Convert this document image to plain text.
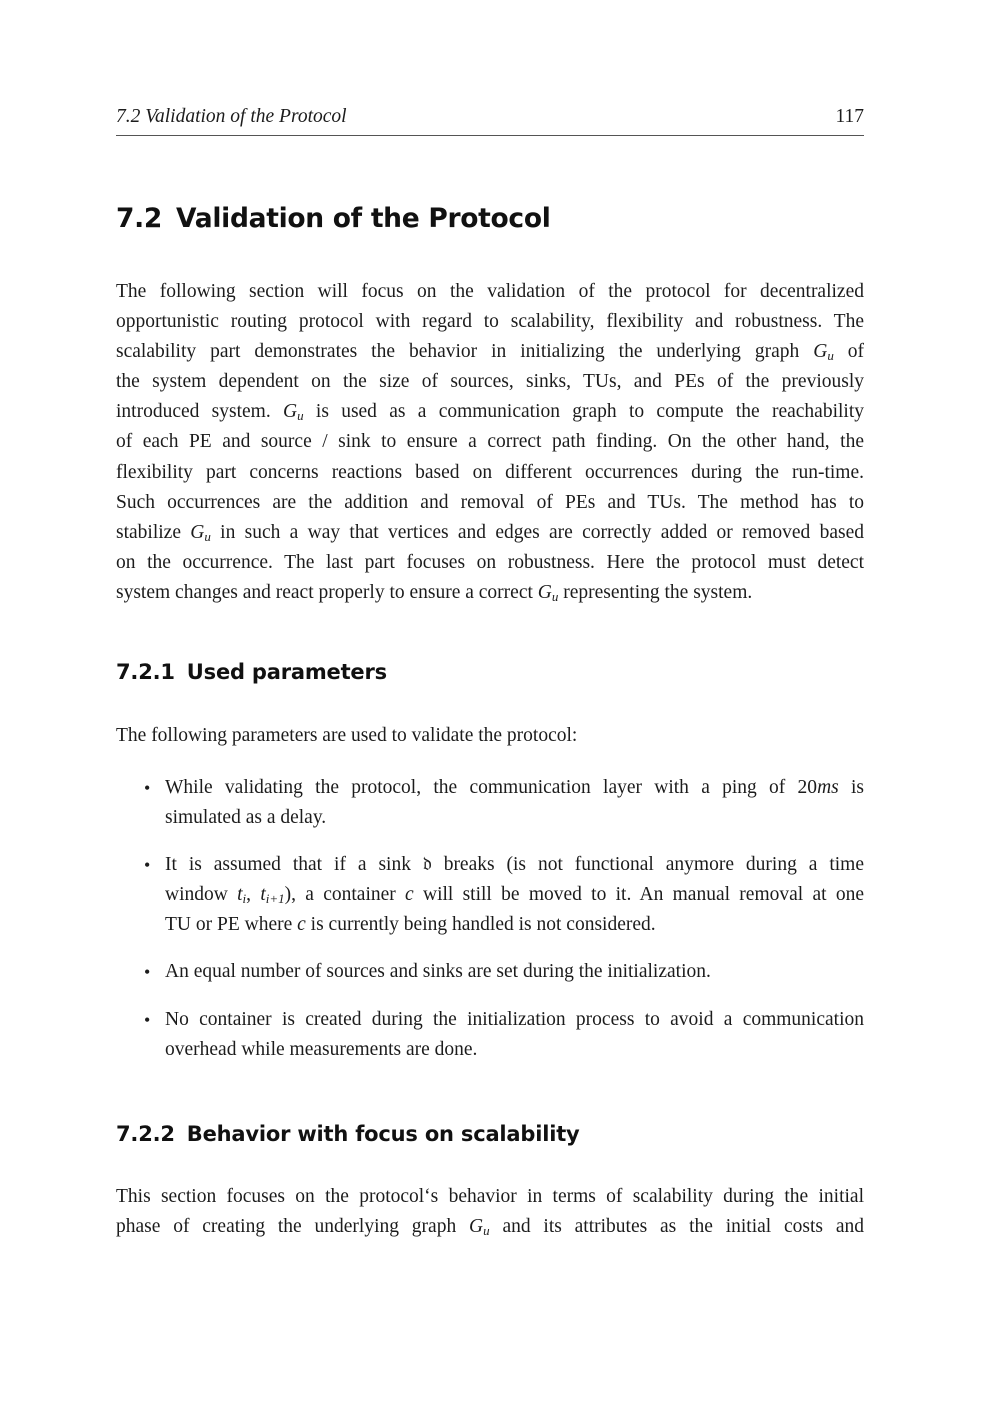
7.2 Validation of the Protocol	117
7.2 Validation of the Protocol
The following section will focus on the validation of the protocol for decentralized
opportunistic routing protocol with regard to scalability, flexibility and robustness. The
scalability part demonstrates the behavior in initializing the underlying graph $G_u$ of
the system dependent on the size of sources, sinks, TUs, and PEs of the previously
introduced system. $G_u$ is used as a communication graph to compute the reachability
of each PE and source / sink to ensure a correct path finding. On the other hand, the
flexibility part concerns reactions based on different occurrences during the run-time.
Such occurrences are the addition and removal of PEs and TUs. The method has to
stabilize $G_u$ in such a way that vertices and edges are correctly added or removed based
on the occurrence. The last part focuses on robustness. Here the protocol must detect
system changes and react properly to ensure a correct $G_u$ representing the system.
7.2.1 Used parameters
The following parameters are used to validate the protocol:
• While validating the protocol, the communication layer with a ping of 20ms is
simulated as a delay.
• It is assumed that if a sink 𝔡 breaks (is not functional anymore during a time
window $t_i$, $t_{i+1}$), a container c will still be moved to it. An manual removal at one
TU or PE where c is currently being handled is not considered.
• An equal number of sources and sinks are set during the initialization.
• No container is created during the initialization process to avoid a communication
overhead while measurements are done.
7.2.2 Behavior with focus on scalability
This section focuses on the protocol‘s behavior in terms of scalability during the initial
phase of creating the underlying graph $G_u$ and its attributes as the initial costs and
